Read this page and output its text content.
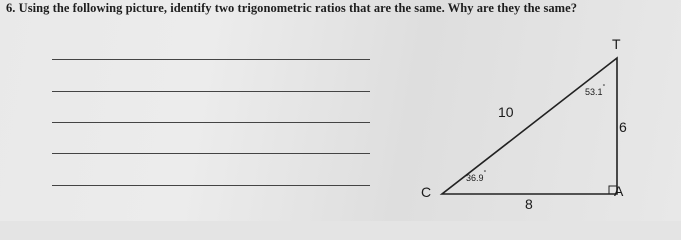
6. Using the following picture, identify two trigonometric ratios that are the same. Why are they the same?
T
C	A
10
6
8
36.9°
53.1°
